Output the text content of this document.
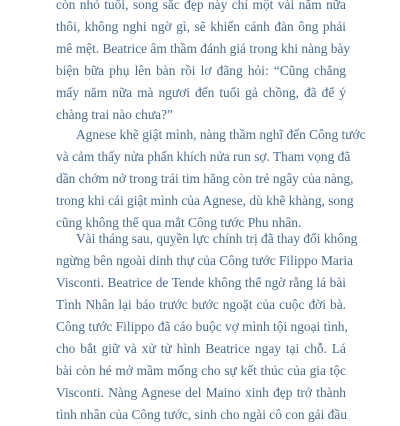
còn nhỏ tuổi, song sắc đẹp này chỉ một vài năm nữa
thôi, không nghi ngờ gì, sẽ khiến cánh đàn ông phải
mê mệt. Beatrice âm thầm đánh giá trong khi nàng bày
biện bữa phụ lên bàn rồi lơ đãng hỏi: “Cũng chẳng
mấy năm nữa mà ngươi đến tuổi gả chồng, đã để ý
chàng trai nào chưa?”
Agnese khẽ giật mình, nàng thầm nghĩ đến Công tước
và cảm thấy nửa phấn khích nửa run sợ. Tham vọng đã
dần chớm nở trong trái tim hăng còn trẻ ngây của nàng,
trong khi cái giật mình của Agnese, dù khẽ khàng, song
cũng không thể qua mắt Công tước Phu nhân.
Vài tháng sau, quyền lực chính trị đã thay đổi không
ngừng bên ngoài dinh thự của Công tước Filippo Maria
Visconti. Beatrice de Tende không thể ngờ rằng lá bài
Tình Nhân lại báo trước bước ngoặt của cuộc đời bà.
Công tước Filippo đã cáo buộc vợ mình tội ngoại tình,
cho bắt giữ và xử tử hình Beatrice ngay tại chỗ. Lá
bài còn hé mở mầm mống cho sự kết thúc của gia tộc
Visconti. Nàng Agnese del Maino xinh đẹp trở thành
tình nhân của Công tước, sinh cho ngài cô con gái đầu
